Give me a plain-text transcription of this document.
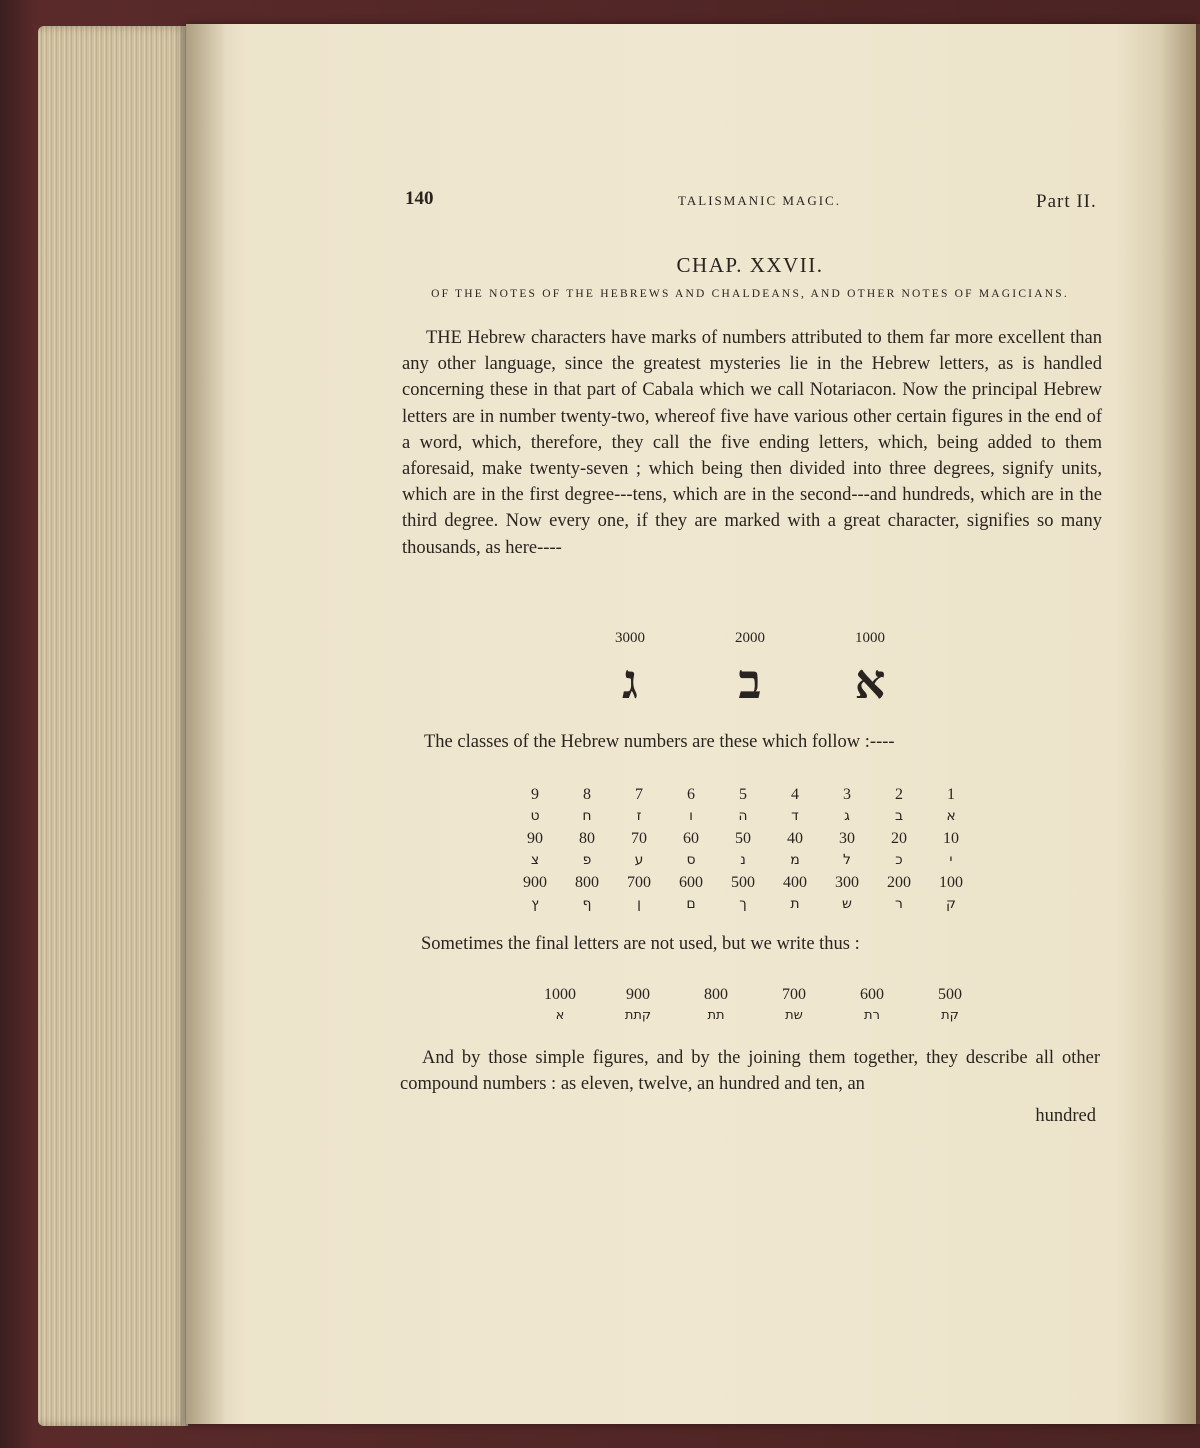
140	TALISMANIC MAGIC.	Part II.
CHAP. XXVII.
OF THE NOTES OF THE HEBREWS AND CHALDEANS, AND OTHER NOTES OF MAGICIANS.
THE Hebrew characters have marks of numbers attributed to them far more excellent than any other language, since the greatest mysteries lie in the Hebrew letters, as is handled concerning these in that part of Cabala which we call Notariacon. Now the principal Hebrew letters are in number twenty-two, whereof five have various other certain figures in the end of a word, which, therefore, they call the five ending letters, which, being added to them aforesaid, make twenty-seven ; which being then divided into three degrees, signify units, which are in the first degree---tens, which are in the second---and hundreds, which are in the third degree. Now every one, if they are marked with a great character, signifies so many thousands, as here----
3000	2000	1000
ג	ב	א
The classes of the Hebrew numbers are these which follow :----
9	8	7	6	5	4	3	2	1
ט	ח	ז	ו	ה	ד	ג	ב	א
90	80	70	60	50	40	30	20	10
צ	פ	ע	ס	נ	מ	ל	כ	י
900	800	700	600	500	400	300	200	100
ץ	ף	ן	ם	ך	ת	ש	ר	ק
Sometimes the final letters are not used, but we write thus :
1000	900	800	700	600	500
א	קתת	תת	שת	רת	קת
And by those simple figures, and by the joining them together, they describe all other compound numbers : as eleven, twelve, an hundred and ten, an
hundred
